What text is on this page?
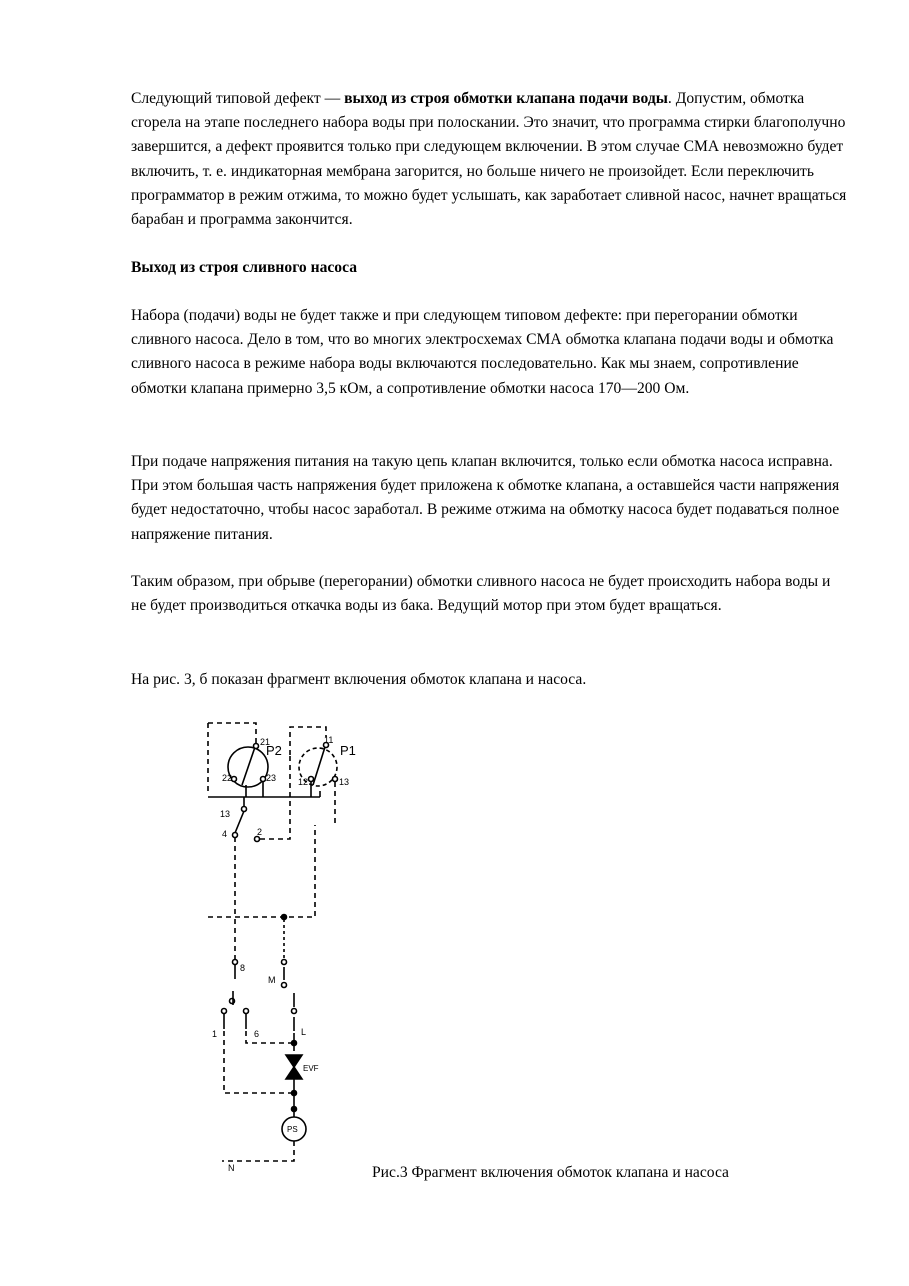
Следующий типовой дефект — выход из строя обмотки клапана подачи воды. Допустим, обмотка сгорела на этапе последнего набора воды при полоскании. Это значит, что программа стирки благополучно завершится, а дефект проявится только при следующем включении. В этом случае СМА невозможно будет включить, т. е. индикаторная мембрана загорится, но больше ничего не произойдет. Если переключить программатор в режим отжима, то можно будет услышать, как заработает сливной насос, начнет вращаться барабан и программа закончится.

Выход из строя сливного насоса

Набора (подачи) воды не будет также и при следующем типовом дефекте: при перегорании обмотки сливного насоса. Дело в том, что во многих электросхемах СМА обмотка клапана подачи воды и обмотка сливного насоса в режиме набора воды включаются последовательно. Как мы знаем, сопротивление обмотки клапана примерно 3,5 кОм, а сопротивление обмотки насоса 170—200 Ом.

При подаче напряжения питания на такую цепь клапан включится, только если обмотка насоса исправна. При этом большая часть напряжения будет приложена к обмотке клапана, а оставшейся части напряжения будет недостаточно, чтобы насос заработал. В режиме отжима на обмотку насоса будет подаваться полное напряжение питания.

Таким образом, при обрыве (перегорании) обмотки сливного насоса не будет происходить набора воды и не будет производиться откачка воды из бака. Ведущий мотор при этом будет вращаться.

На рис. 3, б показан фрагмент включения обмоток клапана и насоса.

21
P2
22	23
11
P1
12	13
13
4	2
8
M
1	6	L
EVF
PS
N	Рис.3 Фрагмент включения обмоток клапана и насоса
